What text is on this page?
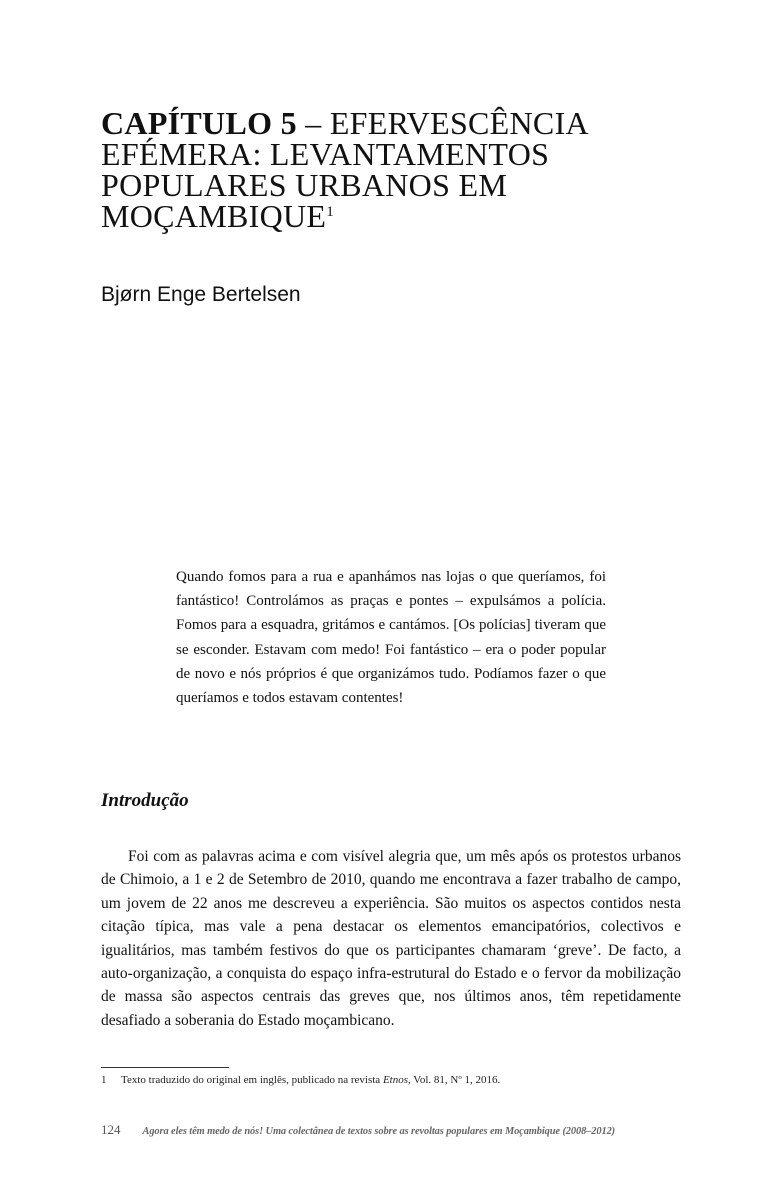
CAPÍTULO 5 – EFERVESCÊNCIA EFÉMERA: LEVANTAMENTOS POPULARES URBANOS EM MOÇAMBIQUE$^1$
Bjørn Enge Bertelsen
Quando fomos para a rua e apanhámos nas lojas o que queríamos, foi fantástico! Controlámos as praças e pontes – expulsámos a polícia. Fomos para a esquadra, gritámos e cantámos. [Os polícias] tiveram que se esconder. Estavam com medo! Foi fantástico – era o poder popular de novo e nós próprios é que organizámos tudo. Podíamos fazer o que queríamos e todos estavam contentes!
Introdução

Foi com as palavras acima e com visível alegria que, um mês após os protestos urbanos de Chimoio, a 1 e 2 de Setembro de 2010, quando me encontrava a fazer trabalho de campo, um jovem de 22 anos me descreveu a experiência. São muitos os aspectos contidos nesta citação típica, mas vale a pena destacar os elementos emancipatórios, colectivos e igualitários, mas também festivos do que os participantes chamaram ‘greve’. De facto, a auto-organização, a conquista do espaço infra-estrutural do Estado e o fervor da mobilização de massa são aspectos centrais das greves que, nos últimos anos, têm repetidamente desafiado a soberania do Estado moçambicano.

1 Texto traduzido do original em inglês, publicado na revista Etnos, Vol. 81, Nº 1, 2016.
124 Agora eles têm medo de nós! Uma colectânea de textos sobre as revoltas populares em Moçambique (2008–2012)
